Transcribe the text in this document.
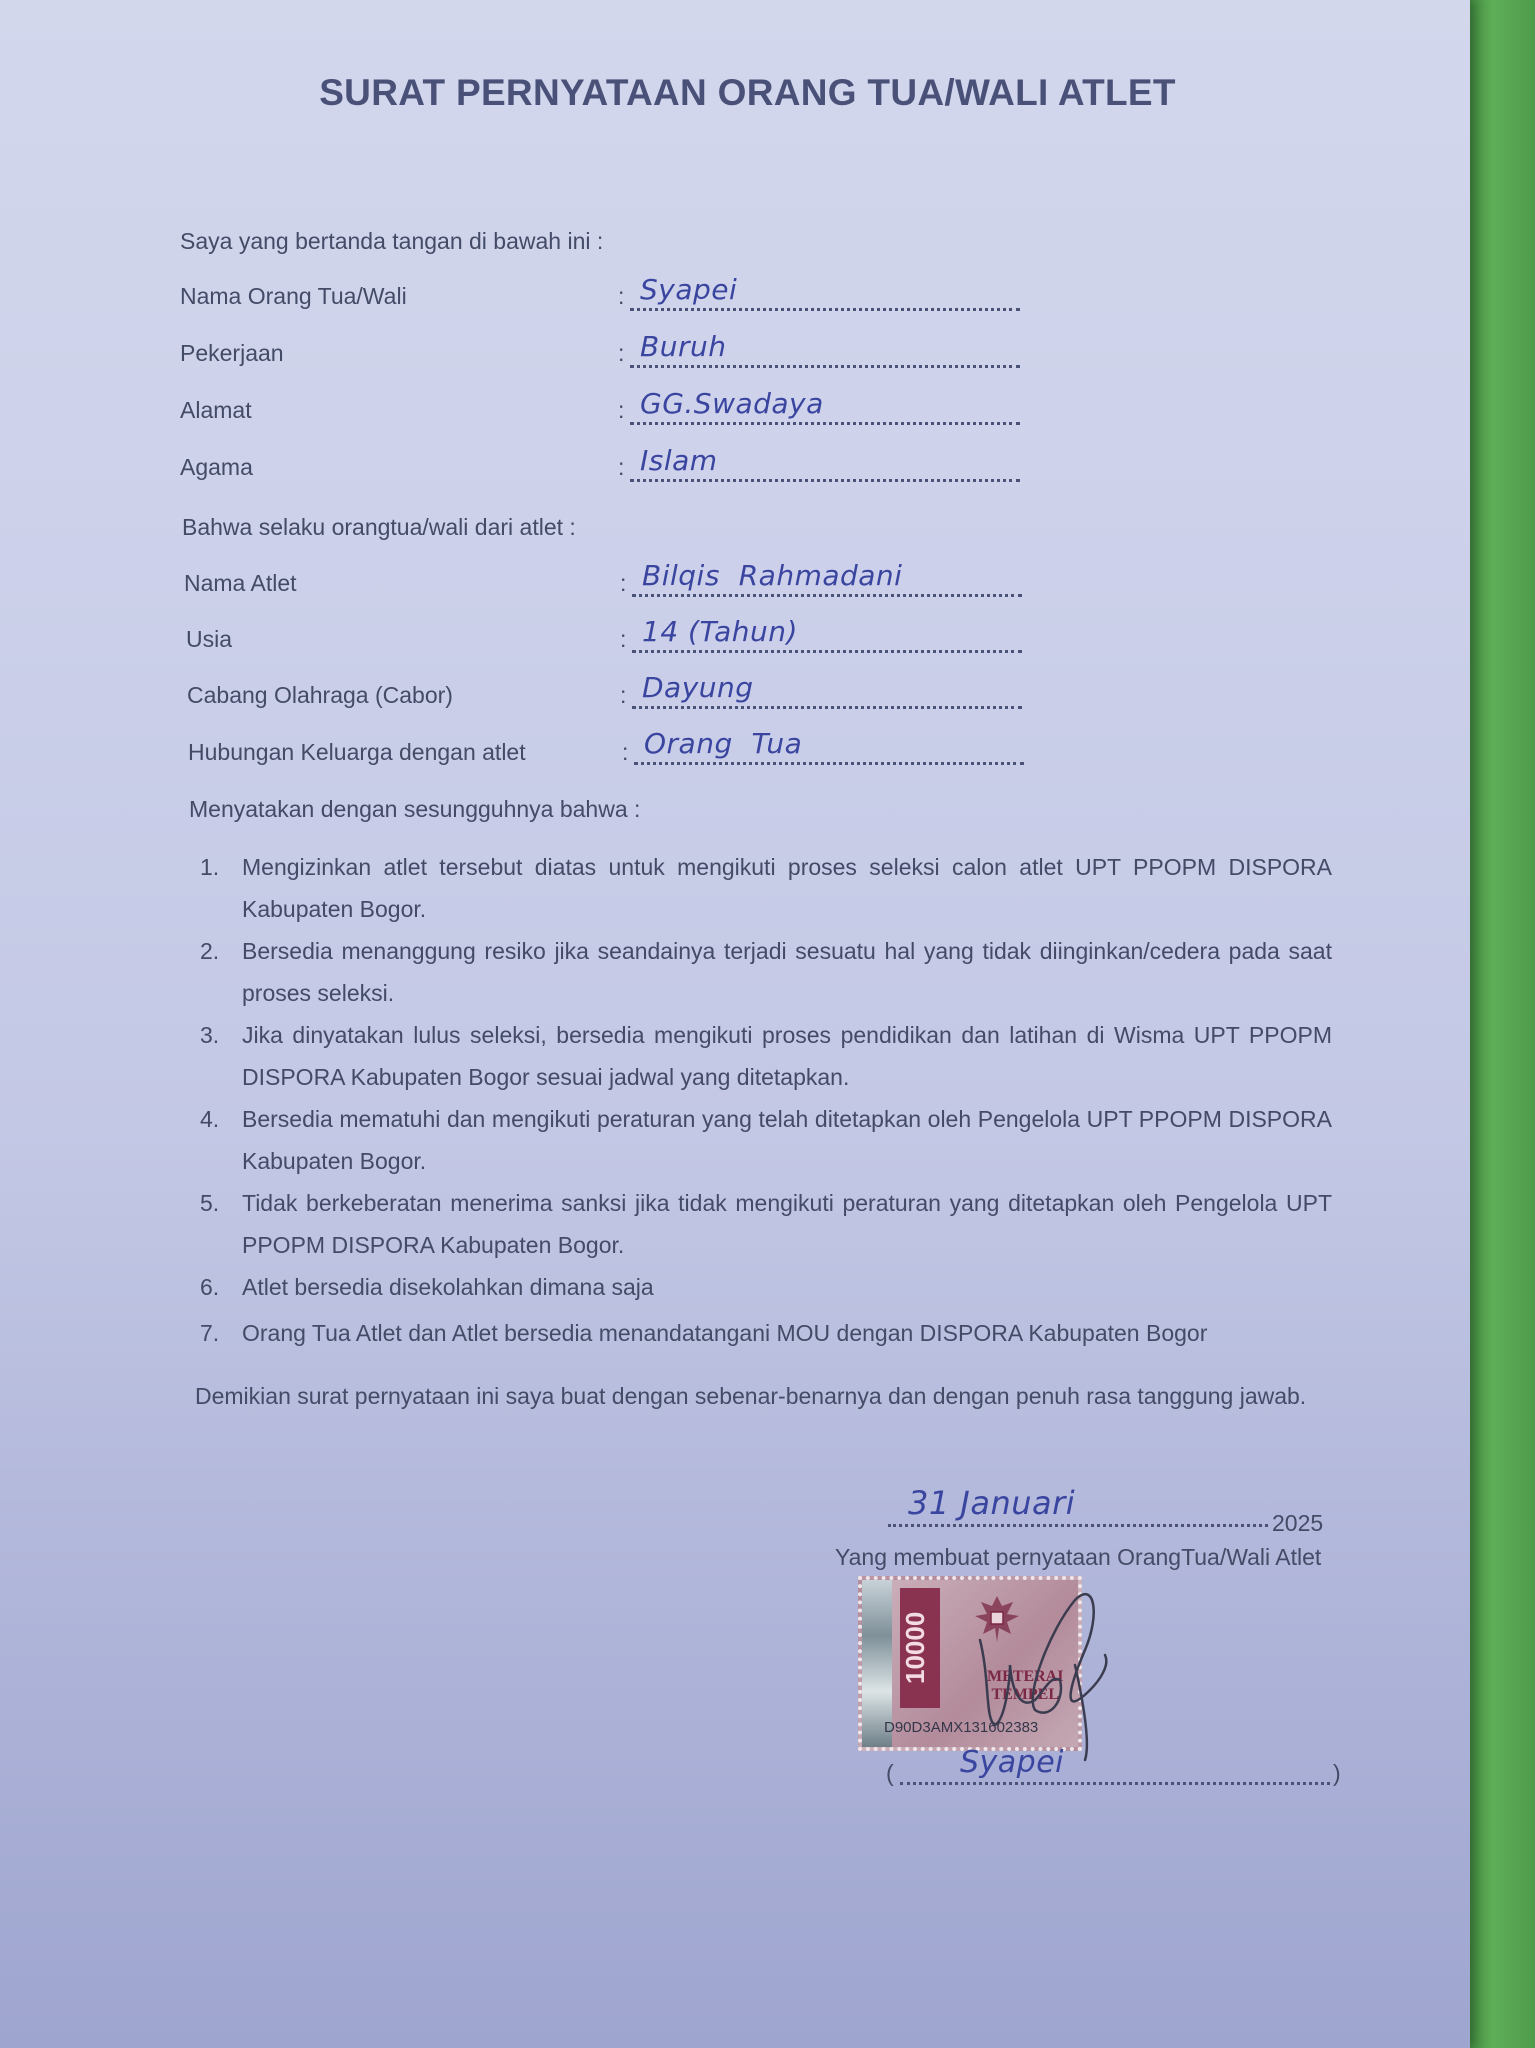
SURAT PERNYATAAN ORANG TUA/WALI ATLET
Saya yang bertanda tangan di bawah ini :
Nama Orang Tua/Wali	: Syapei
Pekerjaan	: Buruh
Alamat	: GG.Swadaya
Agama	: Islam
Bahwa selaku orangtua/wali dari atlet :
Nama Atlet	: Bilqis  Rahmadani
Usia	: 14 (Tahun)
Cabang Olahraga (Cabor)	: Dayung
Hubungan Keluarga dengan atlet	: Orang  Tua
Menyatakan dengan sesungguhnya bahwa :
1. Mengizinkan atlet tersebut diatas untuk mengikuti proses seleksi calon atlet UPT PPOPM DISPORA Kabupaten Bogor.
2. Bersedia menanggung resiko jika seandainya terjadi sesuatu hal yang tidak diinginkan/cedera pada saat proses seleksi.
3. Jika dinyatakan lulus seleksi, bersedia mengikuti proses pendidikan dan latihan di Wisma UPT PPOPM DISPORA Kabupaten Bogor sesuai jadwal yang ditetapkan.
4. Bersedia mematuhi dan mengikuti peraturan yang telah ditetapkan oleh Pengelola UPT PPOPM DISPORA Kabupaten Bogor.
5. Tidak berkeberatan menerima sanksi jika tidak mengikuti peraturan yang ditetapkan oleh Pengelola UPT PPOPM DISPORA Kabupaten Bogor.
6. Atlet bersedia disekolahkan dimana saja
7. Orang Tua Atlet dan Atlet bersedia menandatangani MOU dengan DISPORA Kabupaten Bogor
Demikian surat pernyataan ini saya buat dengan sebenar-benarnya dan dengan penuh rasa tanggung jawab.
31 Januari
2025
Yang membuat pernyataan OrangTua/Wali Atlet
10000	METERAI
TEMPEL
D90D3AMX131602383
( Syapei	)
